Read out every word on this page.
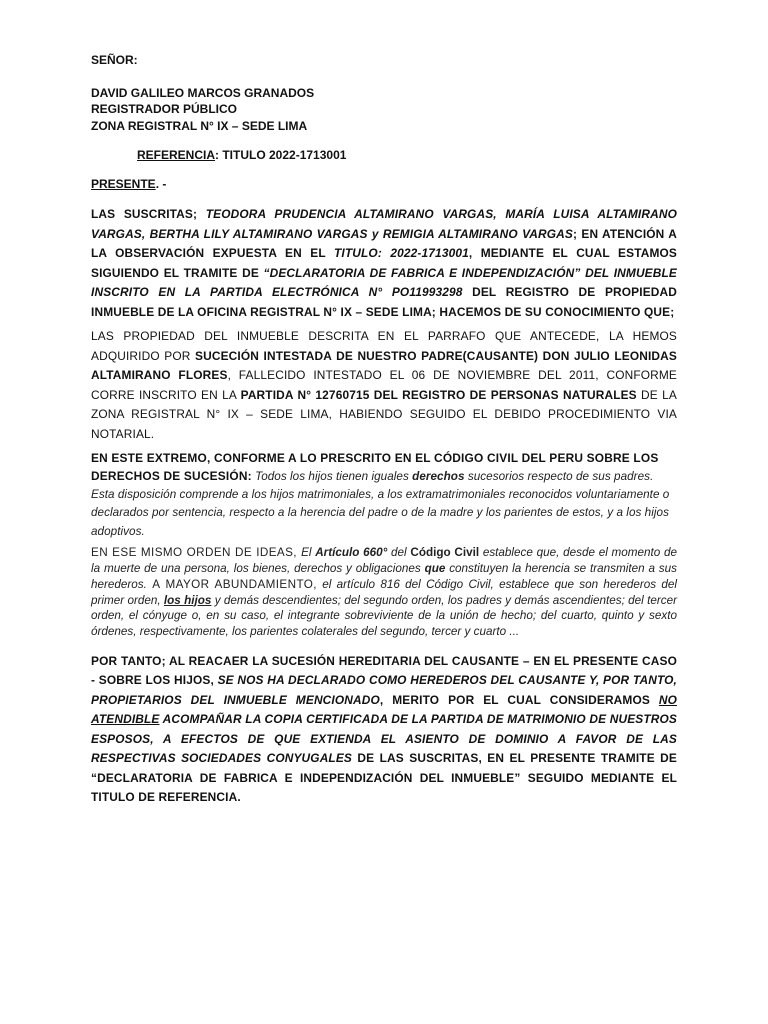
SEÑOR:
DAVID GALILEO MARCOS GRANADOS
REGISTRADOR PÚBLICO
ZONA REGISTRAL N° IX – SEDE LIMA
REFERENCIA: TITULO 2022-1713001
PRESENTE. -

LAS SUSCRITAS; TEODORA PRUDENCIA ALTAMIRANO VARGAS, MARÍA LUISA ALTAMIRANO VARGAS, BERTHA LILY ALTAMIRANO VARGAS y REMIGIA ALTAMIRANO VARGAS; EN ATENCIÓN A LA OBSERVACIÓN EXPUESTA EN EL TITULO: 2022-1713001, MEDIANTE EL CUAL ESTAMOS SIGUIENDO EL TRAMITE DE “DECLARATORIA DE FABRICA E INDEPENDIZACIÓN” DEL INMUEBLE INSCRITO EN LA PARTIDA ELECTRÓNICA N° PO11993298 DEL REGISTRO DE PROPIEDAD INMUEBLE DE LA OFICINA REGISTRAL N° IX – SEDE LIMA; HACEMOS DE SU CONOCIMIENTO QUE;

LAS PROPIEDAD DEL INMUEBLE DESCRITA EN EL PARRAFO QUE ANTECEDE, LA HEMOS ADQUIRIDO POR SUCECIÓN INTESTADA DE NUESTRO PADRE(CAUSANTE) DON JULIO LEONIDAS ALTAMIRANO FLORES, FALLECIDO INTESTADO EL 06 DE NOVIEMBRE DEL 2011, CONFORME CORRE INSCRITO EN LA PARTIDA N° 12760715 DEL REGISTRO DE PERSONAS NATURALES DE LA ZONA REGISTRAL N° IX – SEDE LIMA, HABIENDO SEGUIDO EL DEBIDO PROCEDIMIENTO VIA NOTARIAL.

EN ESTE EXTREMO, CONFORME A LO PRESCRITO EN EL CÓDIGO CIVIL DEL PERU SOBRE LOS DERECHOS DE SUCESIÓN: Todos los hijos tienen iguales derechos sucesorios respecto de sus padres. Esta disposición comprende a los hijos matrimoniales, a los extramatrimoniales reconocidos voluntariamente o declarados por sentencia, respecto a la herencia del padre o de la madre y los parientes de estos, y a los hijos adoptivos.

EN ESE MISMO ORDEN DE IDEAS, El Artículo 660° del Código Civil establece que, desde el momento de la muerte de una persona, los bienes, derechos y obligaciones que constituyen la herencia se transmiten a sus herederos. A MAYOR ABUNDAMIENTO, el artículo 816 del Código Civil, establece que son herederos del primer orden, los hijos y demás descendientes; del segundo orden, los padres y demás ascendientes; del tercer orden, el cónyuge o, en su caso, el integrante sobreviviente de la unión de hecho; del cuarto, quinto y sexto órdenes, respectivamente, los parientes colaterales del segundo, tercer y cuarto ...

POR TANTO; AL REACAER LA SUCESIÓN HEREDITARIA DEL CAUSANTE – EN EL PRESENTE CASO - SOBRE LOS HIJOS, SE NOS HA DECLARADO COMO HEREDEROS DEL CAUSANTE Y, POR TANTO, PROPIETARIOS DEL INMUEBLE MENCIONADO, MERITO POR EL CUAL CONSIDERAMOS NO ATENDIBLE ACOMPAÑAR LA COPIA CERTIFICADA DE LA PARTIDA DE MATRIMONIO DE NUESTROS ESPOSOS, A EFECTOS DE QUE EXTIENDA EL ASIENTO DE DOMINIO A FAVOR DE LAS RESPECTIVAS SOCIEDADES CONYUGALES DE LAS SUSCRITAS, EN EL PRESENTE TRAMITE DE “DECLARATORIA DE FABRICA E INDEPENDIZACIÓN DEL INMUEBLE” SEGUIDO MEDIANTE EL TITULO DE REFERENCIA.
